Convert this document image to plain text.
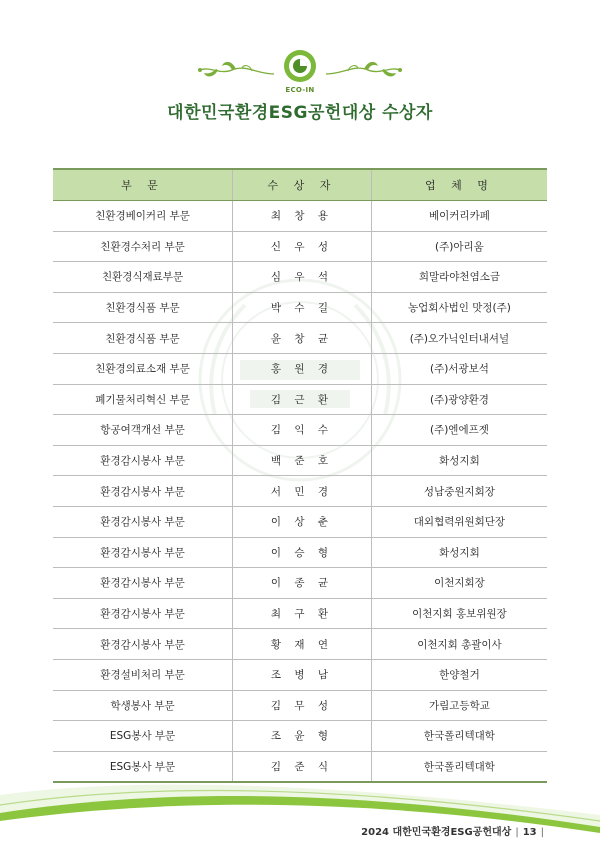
ECO-IN
대한민국환경ESG공헌대상 수상자
부 문	수 상 자	업 체 명
친환경베이커리 부문	최 창 용	베이커리카페
친환경수처리 부문	신 우 성	(주)아리움
친환경식재료부문	심 우 석	희말라야천염소금
친환경식품 부문	박 수 길	농업회사법인 맛정(주)
친환경식품 부문	윤 창 균	(주)오가닉인터내셔널
친환경의료소재 부문	홍 원 경	(주)서광보석
폐기물처리혁신 부문	김 근 환	(주)광양환경
항공여객개선 부문	김 익 수	(주)엔에프젯
환경감시봉사 부문	백 준 호	화성지회
환경감시봉사 부문	서 민 경	성남중원지회장
환경감시봉사 부문	이 상 춘	대외협력위원회단장
환경감시봉사 부문	이 승 형	화성지회
환경감시봉사 부문	이 종 균	이천지회장
환경감시봉사 부문	최 구 환	이천지회 홍보위원장
환경감시봉사 부문	황 재 연	이천지회 총괄이사
환경설비처리 부문	조 병 남	한양철거
학생봉사 부문	김 무 성	가림고등학교
ESG봉사 부문	조 윤 형	한국폴리텍대학
ESG봉사 부문	김 준 식	한국폴리텍대학
2024 대한민국환경ESG공헌대상 | 13 |
